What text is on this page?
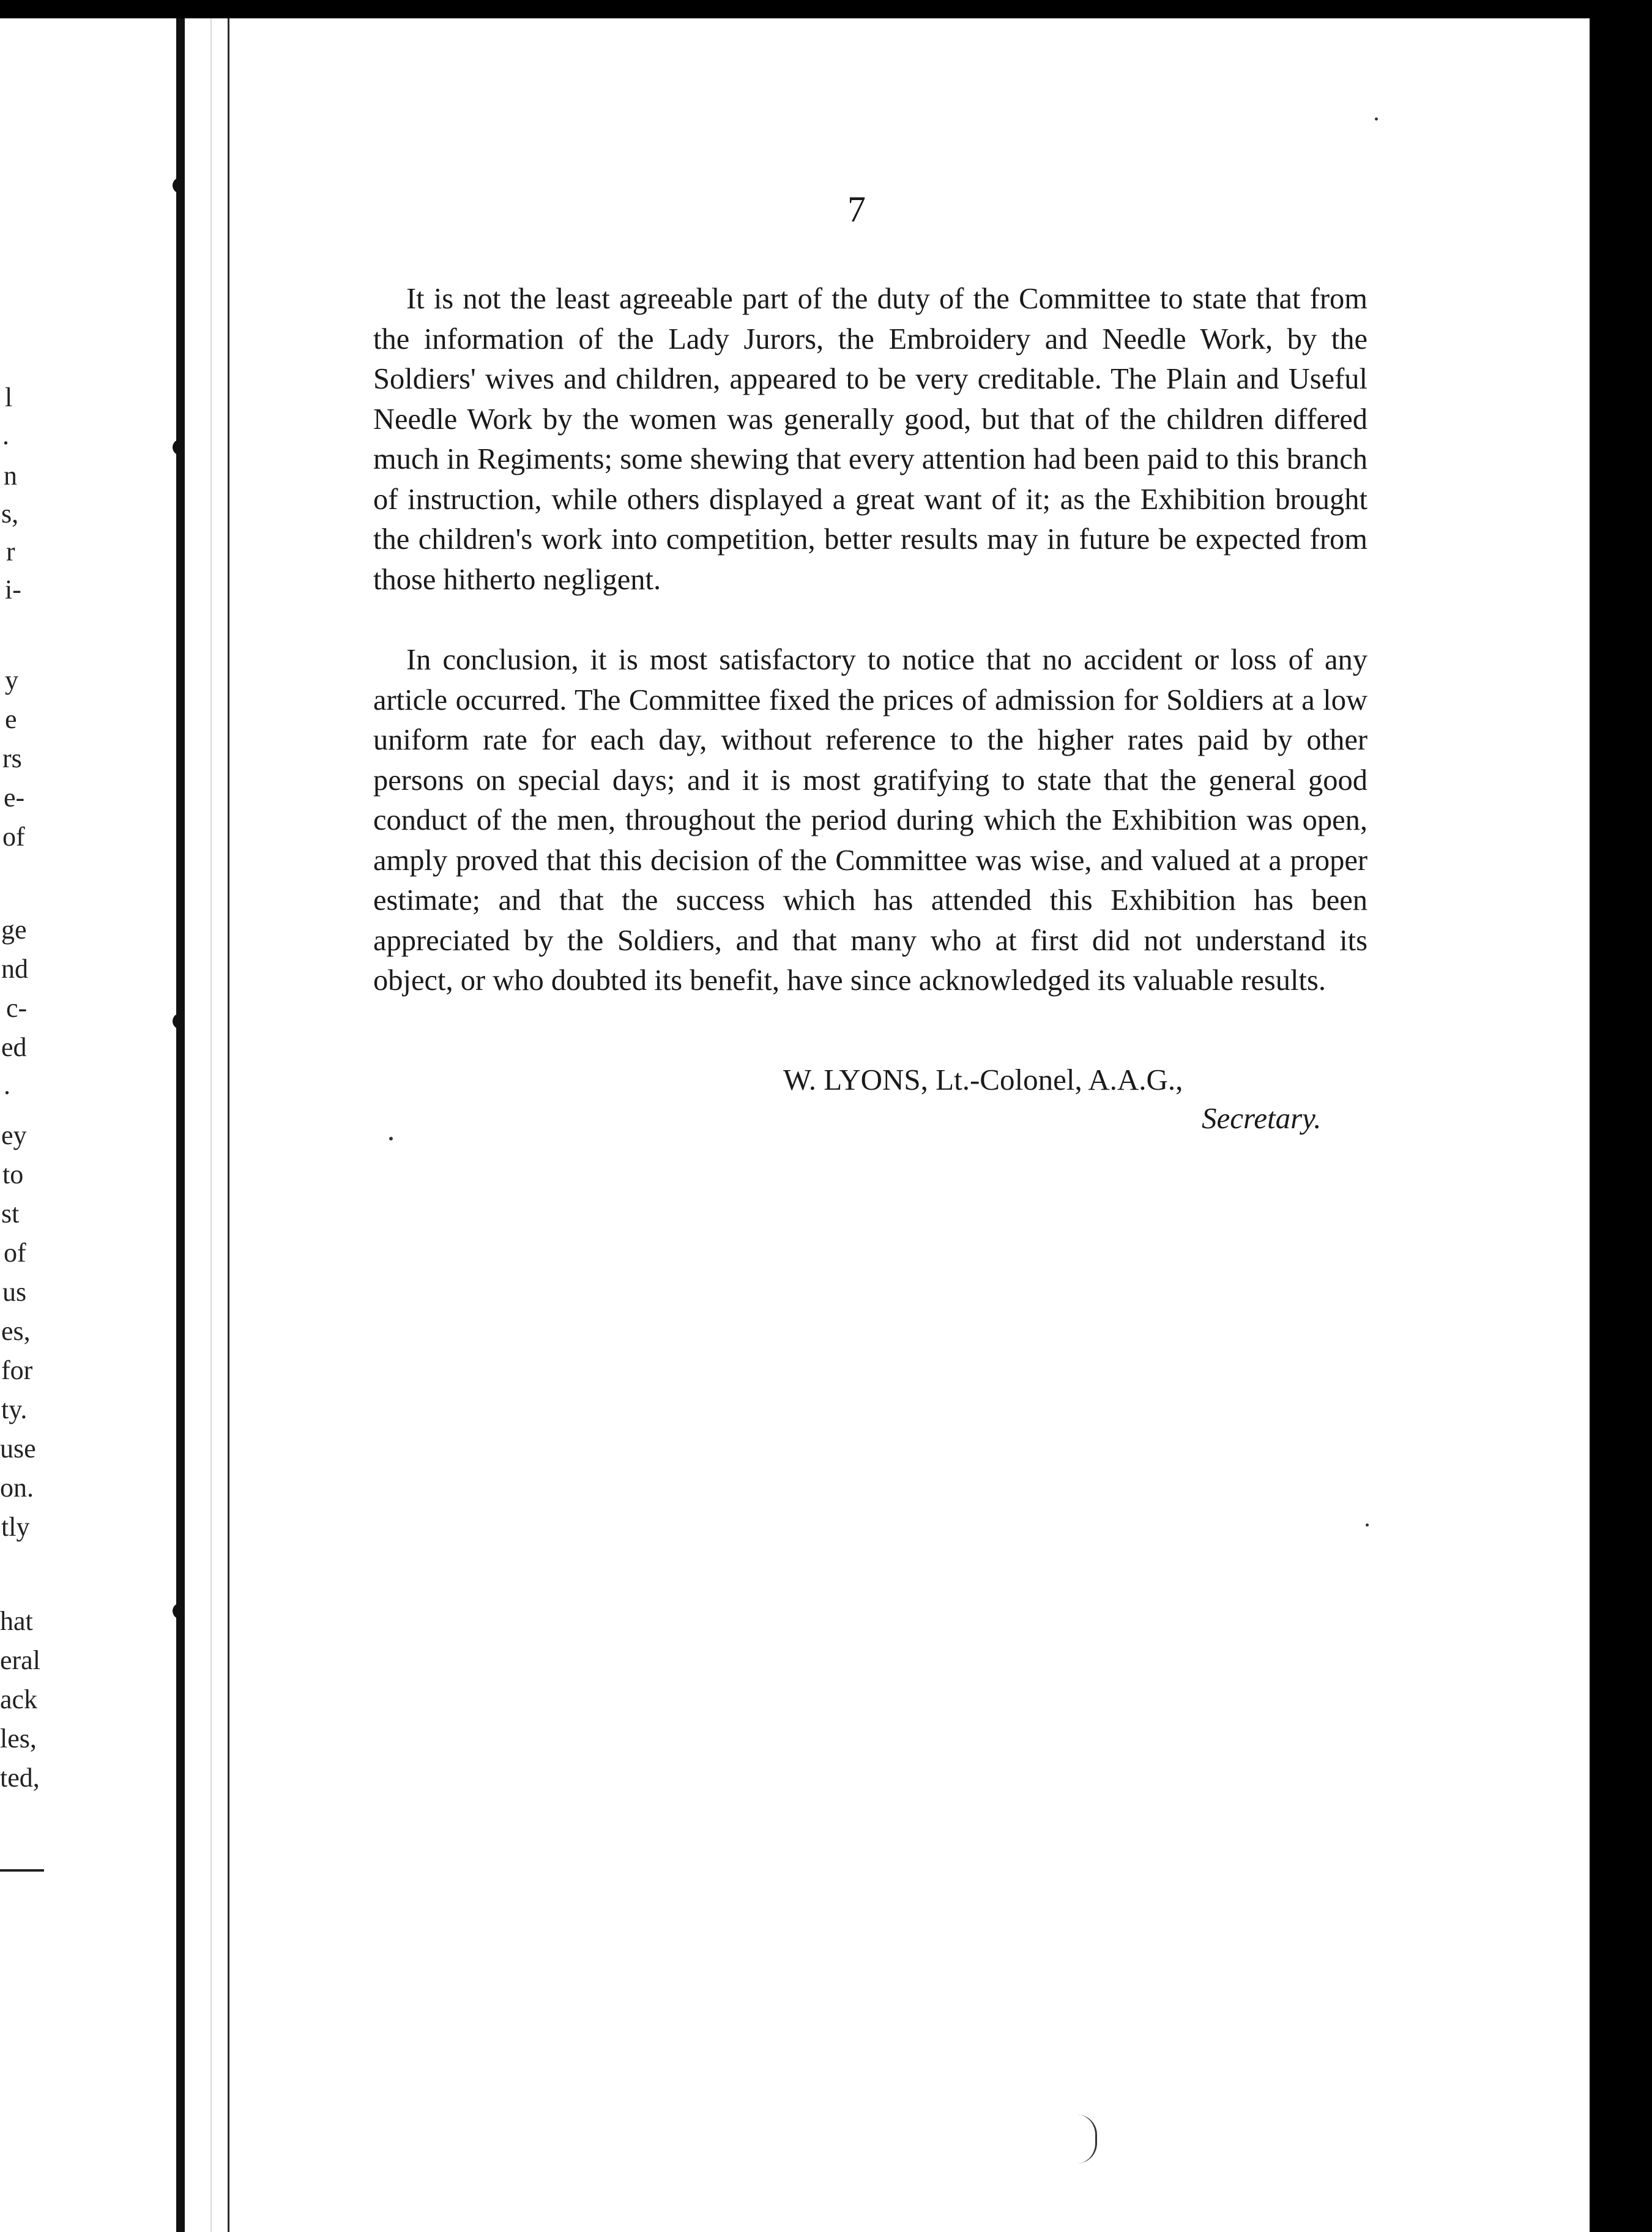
l
.
n
s,
r
i-
y
e
rs
e-
of
ge
nd
c-
ed
.
ey
to
st
of
us
es,
for
ty.
use
on.
tly
hat
eral
ack
les,
ted,
7

It is not the least agreeable part of the duty of the Committee to state that from the information of the Lady Jurors, the Embroidery and Needle Work, by the Soldiers' wives and children, appeared to be very creditable. The Plain and Useful Needle Work by the women was generally good, but that of the children differed much in Regiments; some shewing that every attention had been paid to this branch of instruction, while others displayed a great want of it; as the Exhibition brought the children's work into competition, better results may in future be expected from those hitherto negligent.

In conclusion, it is most satisfactory to notice that no accident or loss of any article occurred. The Committee fixed the prices of admission for Soldiers at a low uniform rate for each day, without reference to the higher rates paid by other persons on special days; and it is most gratifying to state that the general good conduct of the men, throughout the period during which the Exhibition was open, amply proved that this decision of the Committee was wise, and valued at a proper estimate; and that the success which has attended this Exhibition has been appreciated by the Soldiers, and that many who at first did not understand its object, or who doubted its benefit, have since acknowledged its valuable results.

W. LYONS, Lt.-Colonel, A.A.G.,
Secretary.
